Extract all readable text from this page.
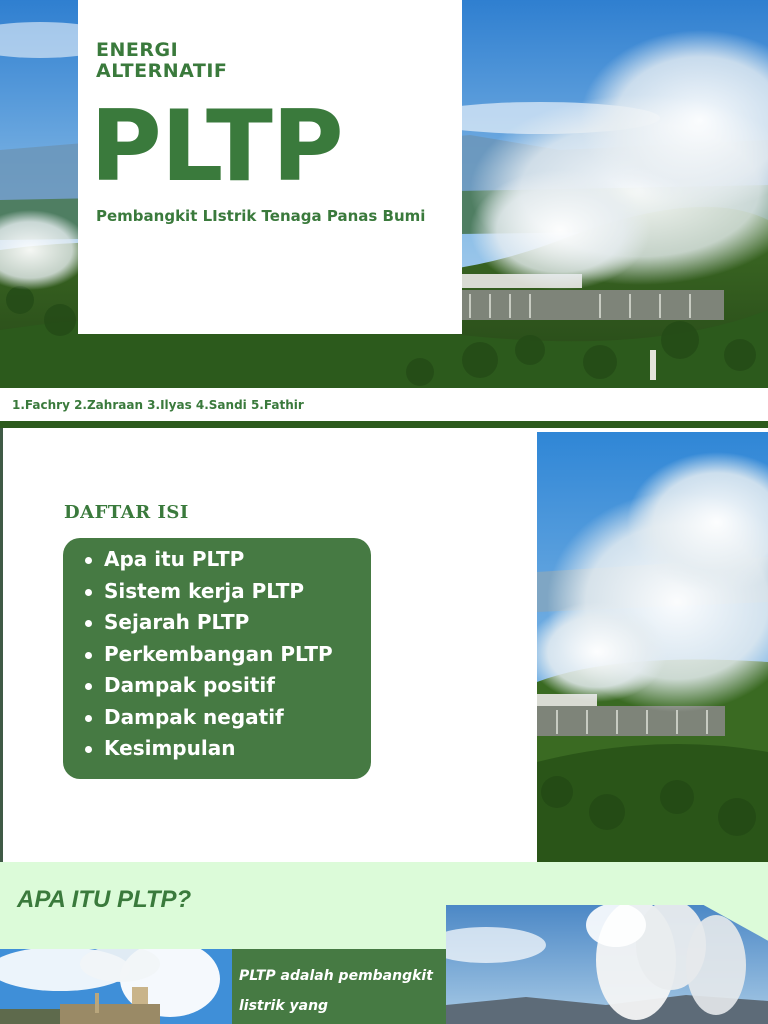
ENERGI ALTERNATIF
PLTP

Pembangkit LIstrik Tenaga Panas Bumi

1.Fachry 2.Zahraan 3.Ilyas 4.Sandi 5.Fathir

DAFTAR ISI
Apa itu PLTP
Sistem kerja PLTP
Sejarah PLTP
Perkembangan PLTP
Dampak positif
Dampak negatif
Kesimpulan
APA ITU PLTP?

PLTP adalah pembangkit listrik yang
